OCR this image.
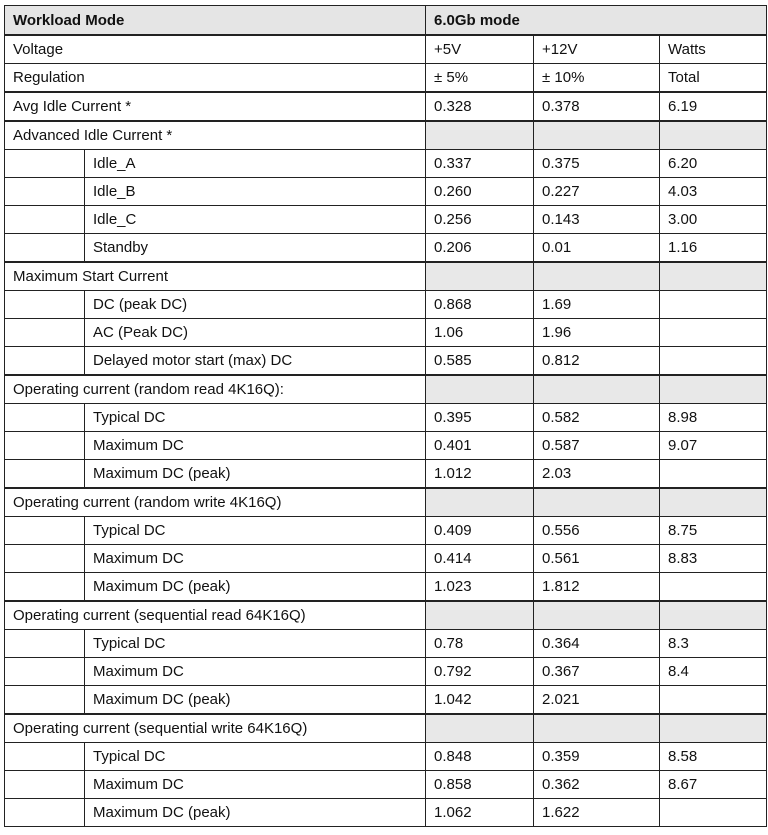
Workload Mode		6.0Gb mode		
Voltage		+5V	+12V	Watts
Regulation		± 5%	± 10%	Total
Avg Idle Current *		0.328	0.378	6.19
Advanced Idle Current *				
	Idle_A	0.337	0.375	6.20
	Idle_B	0.260	0.227	4.03
	Idle_C	0.256	0.143	3.00
	Standby	0.206	0.01	1.16
Maximum Start Current				
	DC (peak DC)	0.868	1.69	
	AC (Peak DC)	1.06	1.96	
	Delayed motor start (max) DC	0.585	0.812	
Operating current (random read 4K16Q):				
	Typical DC	0.395	0.582	8.98
	Maximum DC	0.401	0.587	9.07
	Maximum DC (peak)	1.012	2.03	
Operating current (random write 4K16Q)				
	Typical DC	0.409	0.556	8.75
	Maximum DC	0.414	0.561	8.83
	Maximum DC (peak)	1.023	1.812	
Operating current (sequential read 64K16Q)				
	Typical DC	0.78	0.364	8.3
	Maximum DC	0.792	0.367	8.4
	Maximum DC (peak)	1.042	2.021	
Operating current (sequential write 64K16Q)				
	Typical DC	0.848	0.359	8.58
	Maximum DC	0.858	0.362	8.67
	Maximum DC (peak)	1.062	1.622	
